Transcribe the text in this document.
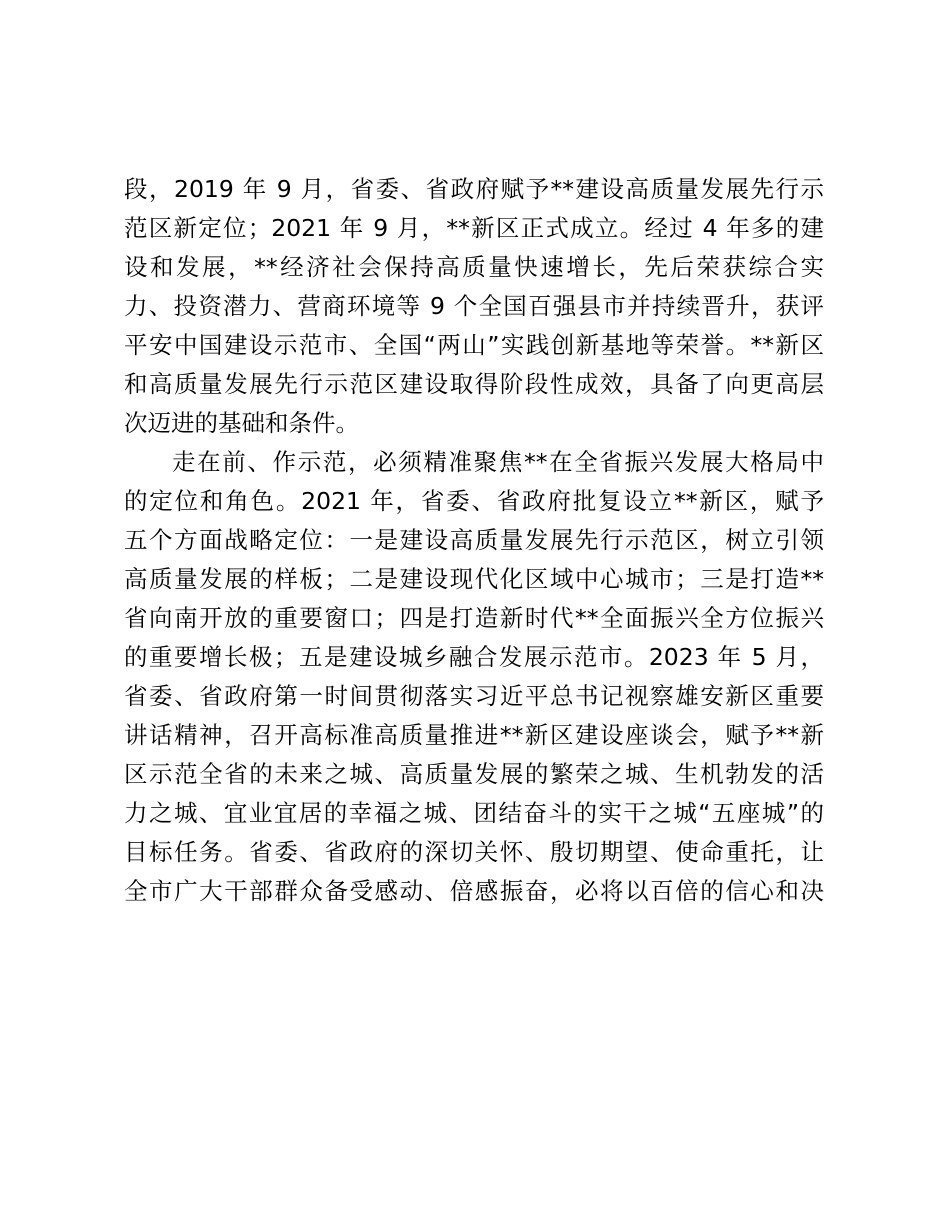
段，2019 年 9 月，省委、省政府赋予**建设高质量发展先行示
范区新定位；2021 年 9 月，**新区正式成立。经过 4 年多的建
设和发展，**经济社会保持高质量快速增长，先后荣获综合实
力、投资潜力、营商环境等 9 个全国百强县市并持续晋升，获评
平安中国建设示范市、全国“两山”实践创新基地等荣誉。**新区
和高质量发展先行示范区建设取得阶段性成效，具备了向更高层
次迈进的基础和条件。
走在前、作示范，必须精准聚焦**在全省振兴发展大格局中
的定位和角色。2021 年，省委、省政府批复设立**新区，赋予
五个方面战略定位：一是建设高质量发展先行示范区，树立引领
高质量发展的样板；二是建设现代化区域中心城市；三是打造**
省向南开放的重要窗口；四是打造新时代**全面振兴全方位振兴
的重要增长极；五是建设城乡融合发展示范市。2023 年 5 月，
省委、省政府第一时间贯彻落实习近平总书记视察雄安新区重要
讲话精神，召开高标准高质量推进**新区建设座谈会，赋予**新
区示范全省的未来之城、高质量发展的繁荣之城、生机勃发的活
力之城、宜业宜居的幸福之城、团结奋斗的实干之城“五座城”的
目标任务。省委、省政府的深切关怀、殷切期望、使命重托，让
全市广大干部群众备受感动、倍感振奋，必将以百倍的信心和决
